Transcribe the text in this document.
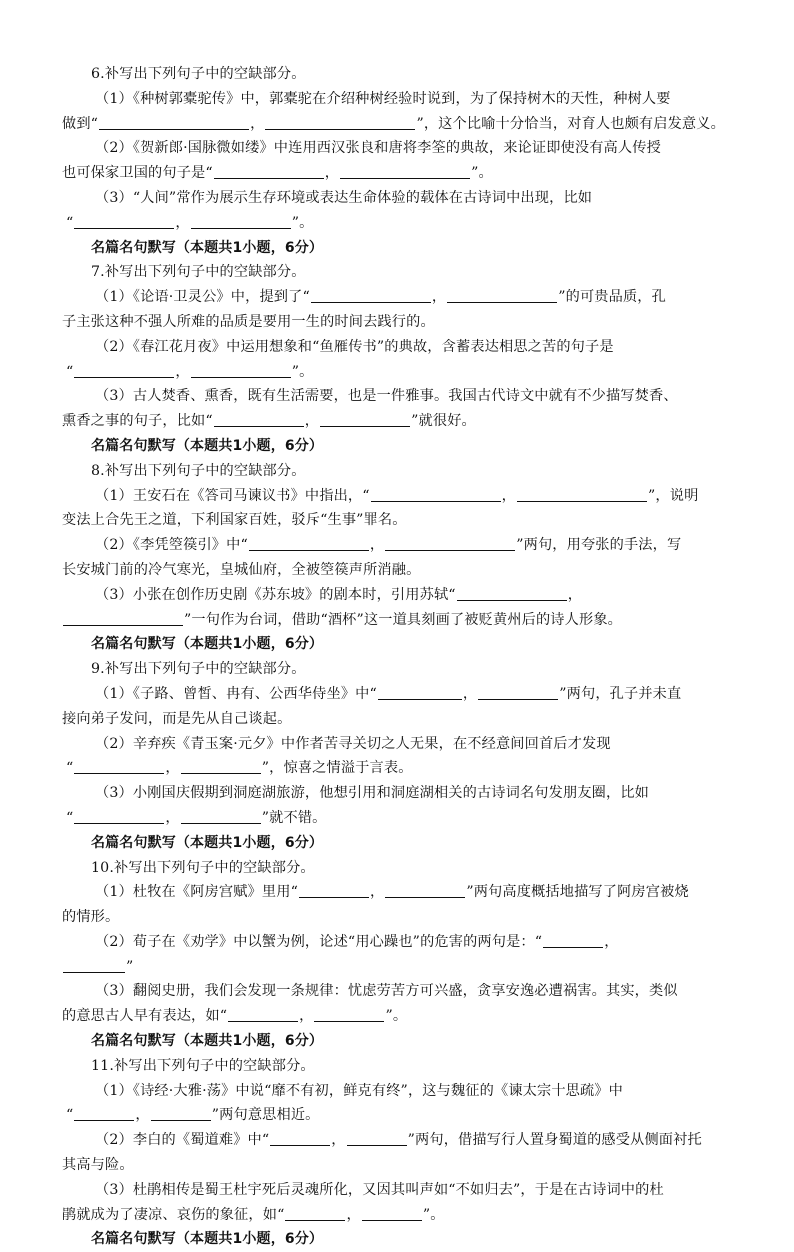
6.补写出下列句子中的空缺部分。
（1）《种树郭橐驼传》中，郭橐驼在介绍种树经验时说到，为了保持树木的天性，种树人要
做到“	，	”，这个比喻十分恰当，对育人也颇有启发意义。
（2）《贺新郎·国脉微如缕》中连用西汉张良和唐将李筌的典故，来论证即使没有高人传授
也可保家卫国的句子是“	，	”。
（3）“人间”常作为展示生存环境或表达生命体验的载体在古诗词中出现，比如
“	，	”。
名篇名句默写（本题共1小题，6分）
7.补写出下列句子中的空缺部分。
（1）《论语·卫灵公》中，提到了“	，	”的可贵品质，孔
子主张这种不强人所难的品质是要用一生的时间去践行的。
（2）《春江花月夜》中运用想象和“鱼雁传书”的典故，含蓄表达相思之苦的句子是
“	，	”。
（3）古人焚香、熏香，既有生活需要，也是一件雅事。我国古代诗文中就有不少描写焚香、
熏香之事的句子，比如“	，	”就很好。
名篇名句默写（本题共1小题，6分）
8.补写出下列句子中的空缺部分。
（1）王安石在《答司马谏议书》中指出，“	，	”，说明
变法上合先王之道，下利国家百姓，驳斥“生事”罪名。
（2）《李凭箜篌引》中“	，	”两句，用夸张的手法，写
长安城门前的冷气寒光，皇城仙府，全被箜篌声所消融。
（3）小张在创作历史剧《苏东坡》的剧本时，引用苏轼“	，
”一句作为台词，借助“酒杯”这一道具刻画了被贬黄州后的诗人形象。
名篇名句默写（本题共1小题，6分）
9.补写出下列句子中的空缺部分。
（1）《子路、曾皙、冉有、公西华侍坐》中“	，	”两句，孔子并未直
接向弟子发问，而是先从自己谈起。
（2）辛弃疾《青玉案·元夕》中作者苦寻关切之人无果，在不经意间回首后才发现
“	，	”，惊喜之情溢于言表。
（3）小刚国庆假期到洞庭湖旅游，他想引用和洞庭湖相关的古诗词名句发朋友圈，比如
“	，	”就不错。
名篇名句默写（本题共1小题，6分）
10.补写出下列句子中的空缺部分。
（1）杜牧在《阿房宫赋》里用“	，	”两句高度概括地描写了阿房宫被烧
的情形。
（2）荀子在《劝学》中以蟹为例，论述“用心躁也”的危害的两句是：“	，
”
（3）翻阅史册，我们会发现一条规律：忧虑劳苦方可兴盛，贪享安逸必遭祸害。其实，类似
的意思古人早有表达，如“	，	”。
名篇名句默写（本题共1小题，6分）
11.补写出下列句子中的空缺部分。
（1）《诗经·大雅·荡》中说“靡不有初，鲜克有终”，这与魏征的《谏太宗十思疏》中
“	，	”两句意思相近。
（2）李白的《蜀道难》中“	，	”两句，借描写行人置身蜀道的感受从侧面衬托
其高与险。
（3）杜鹃相传是蜀王杜宇死后灵魂所化，又因其叫声如“不如归去”，于是在古诗词中的杜
鹃就成为了凄凉、哀伤的象征，如“	，	”。
名篇名句默写（本题共1小题，6分）
